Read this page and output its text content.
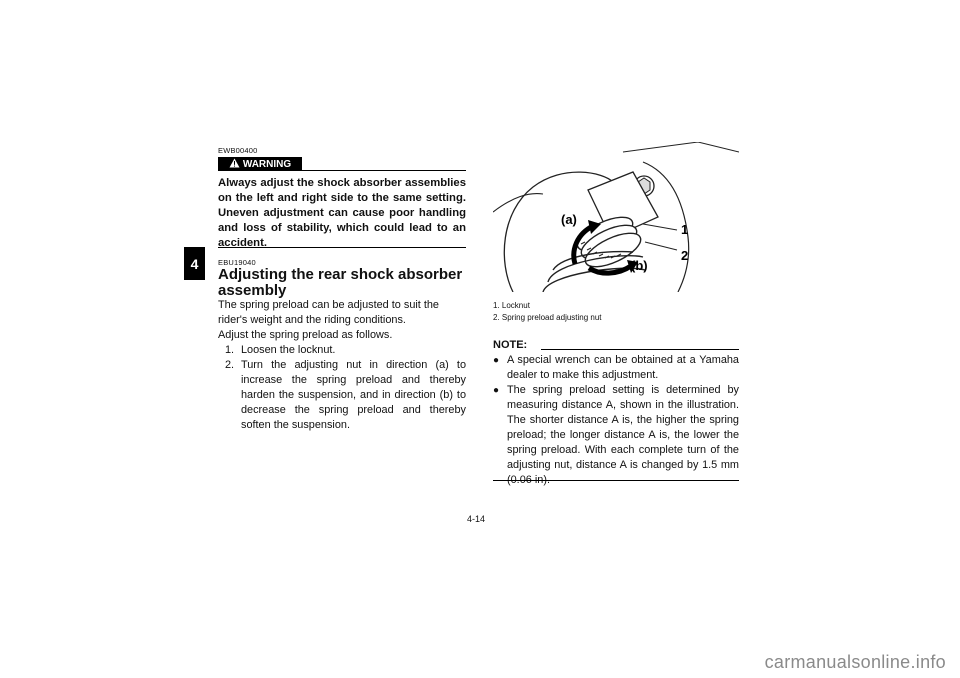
4
EWB00400
WARNING
Always adjust the shock absorber assemblies on the left and right side to the same setting. Uneven adjustment can cause poor handling and loss of stability, which could lead to an accident.
EBU19040
Adjusting the rear shock absorber assembly
The spring preload can be adjusted to suit the rider's weight and the riding conditions.
Adjust the spring preload as follows.
1. Loosen the locknut.
2. Turn the adjusting nut in direction (a) to increase the spring preload and thereby harden the suspension, and in direction (b) to decrease the spring preload and thereby soften the suspension.
(a)
(b)
1
2
1. Locknut
2. Spring preload adjusting nut
NOTE:
● A special wrench can be obtained at a Yamaha dealer to make this adjustment.
● The spring preload setting is determined by measuring distance A, shown in the illustration. The shorter distance A is, the higher the spring preload; the longer distance A is, the lower the spring preload. With each complete turn of the adjusting nut, distance A is changed by 1.5 mm (0.06 in).
4-14
carmanualsonline.info
